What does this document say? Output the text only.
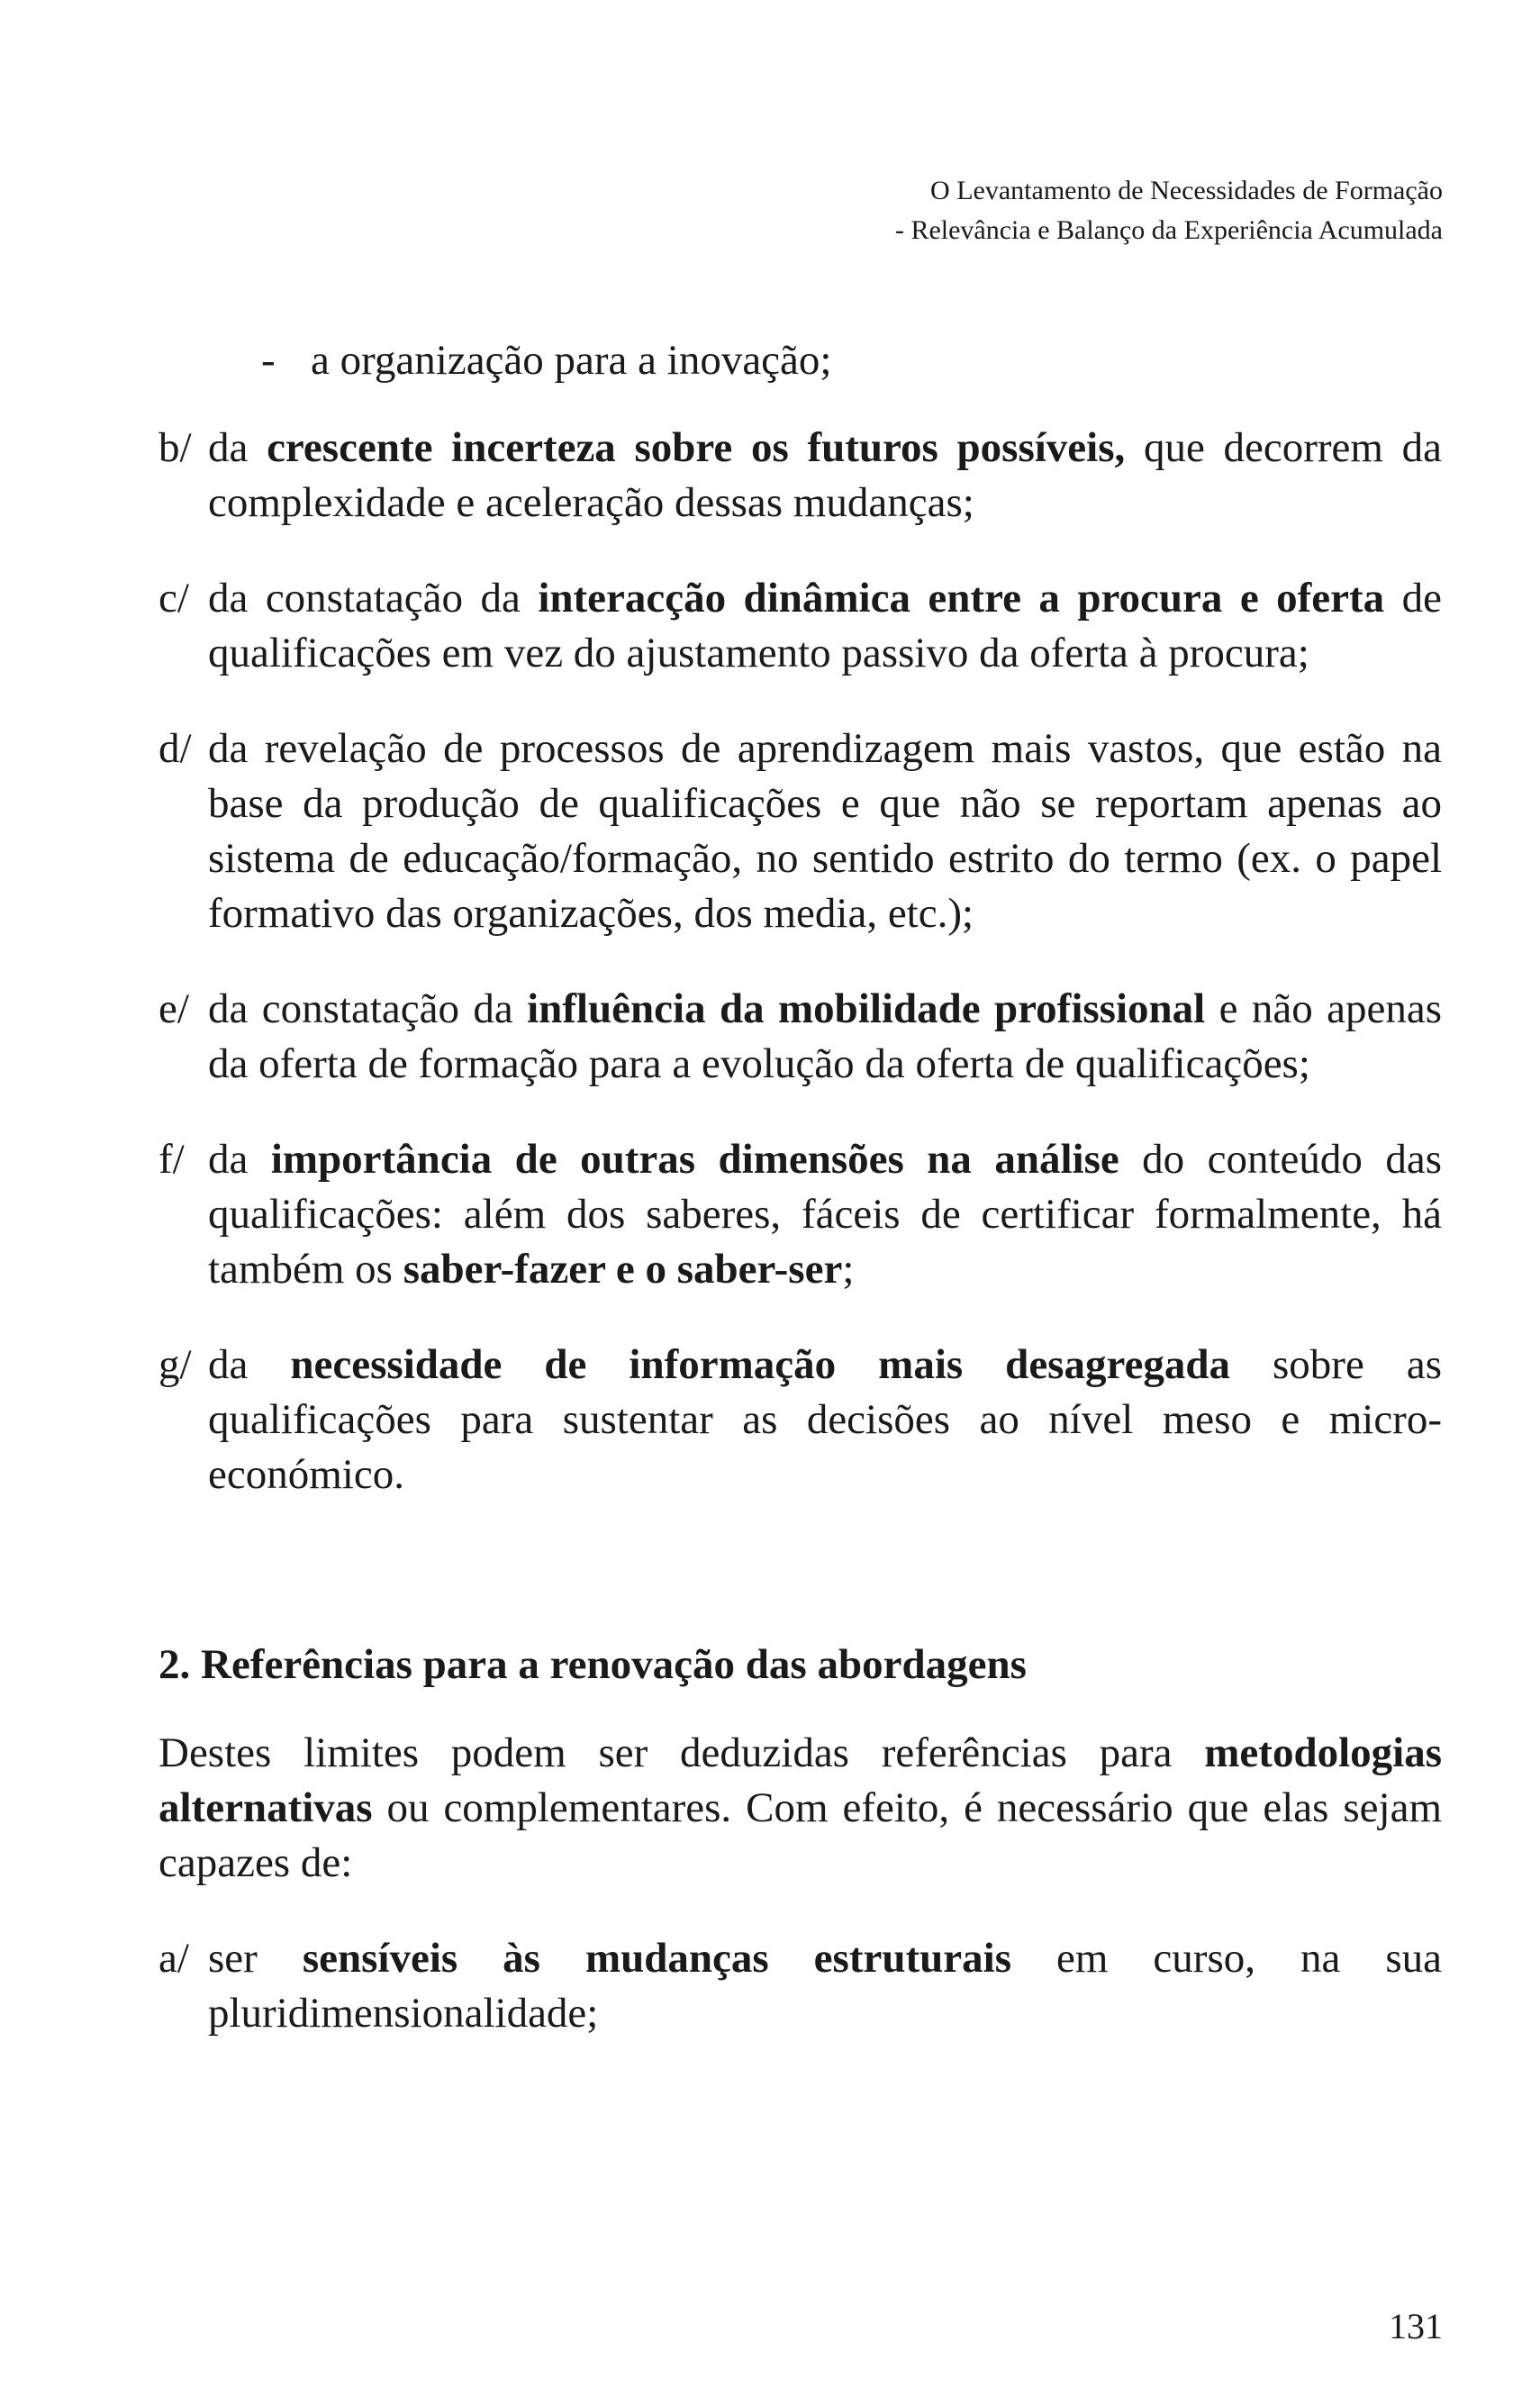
O Levantamento de Necessidades de Formação
- Relevância e Balanço da Experiência Acumulada
- a organização para a inovação;
b/ da crescente incerteza sobre os futuros possíveis, que decorrem da complexidade e aceleração dessas mudanças;
c/ da constatação da interacção dinâmica entre a procura e oferta de qualificações em vez do ajustamento passivo da oferta à procura;
d/ da revelação de processos de aprendizagem mais vastos, que estão na base da produção de qualificações e que não se reportam apenas ao sistema de educação/formação, no sentido estrito do termo (ex. o papel formativo das organizações, dos media, etc.);
e/ da constatação da influência da mobilidade profissional e não apenas da oferta de formação para a evolução da oferta de qualificações;
f/ da importância de outras dimensões na análise do conteúdo das qualificações: além dos saberes, fáceis de certificar formalmente, há também os saber-fazer e o saber-ser;
g/ da necessidade de informação mais desagregada sobre as qualificações para sustentar as decisões ao nível meso e micro-económico.
2. Referências para a renovação das abordagens
Destes limites podem ser deduzidas referências para metodologias alternativas ou complementares. Com efeito, é necessário que elas sejam capazes de:
a/ ser sensíveis às mudanças estruturais em curso, na sua pluridimensionalidade;
131
